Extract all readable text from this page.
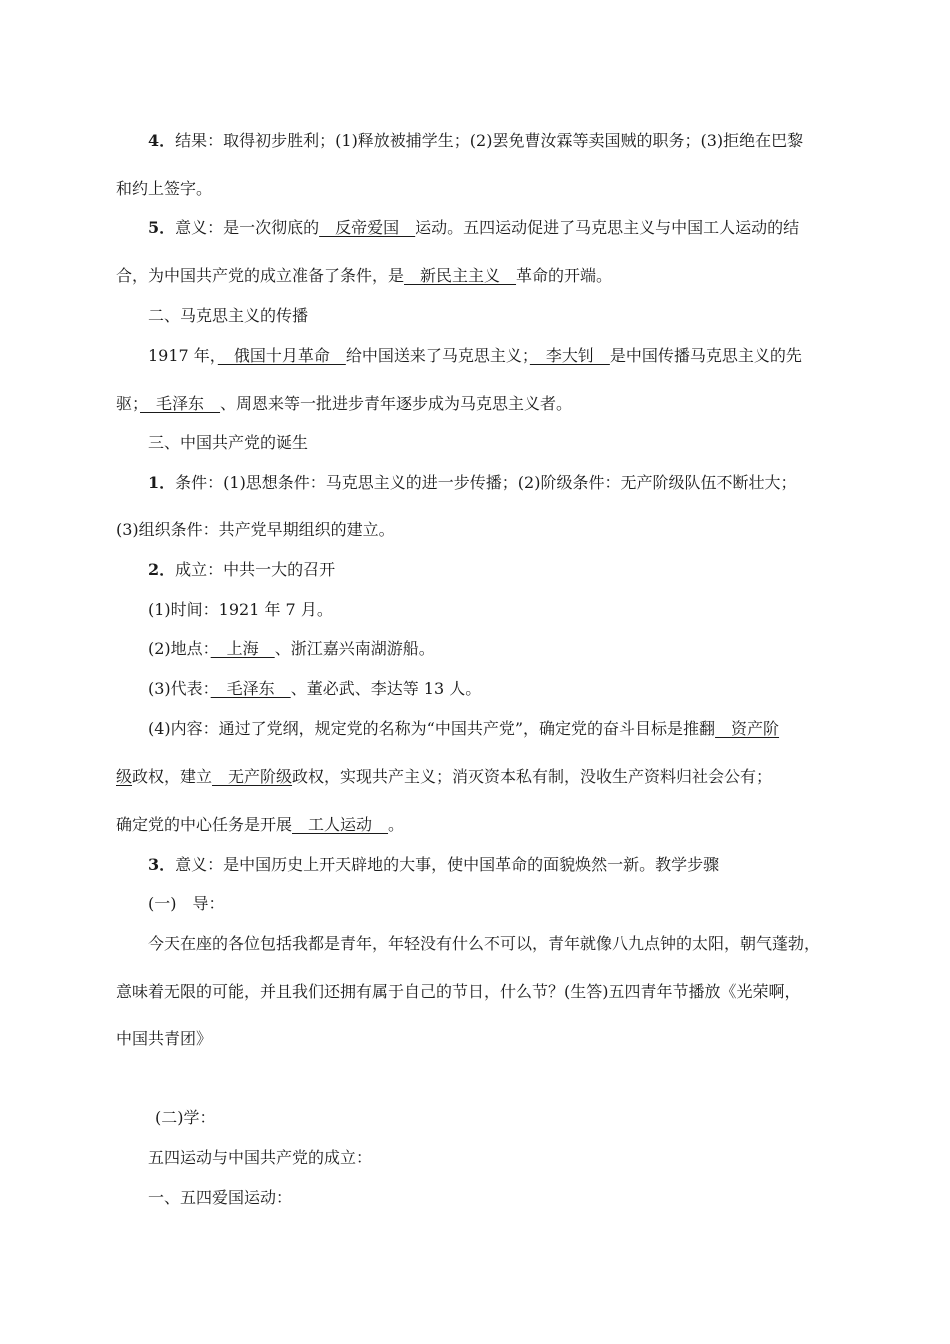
4．结果：取得初步胜利；(1)释放被捕学生；(2)罢免曹汝霖等卖国贼的职务；(3)拒绝在巴黎
和约上签字。
5．意义：是一次彻底的　反帝爱国　运动。五四运动促进了马克思主义与中国工人运动的结
合，为中国共产党的成立准备了条件，是　新民主主义　革命的开端。
二、马克思主义的传播
1917 年，　俄国十月革命　给中国送来了马克思主义；　李大钊　是中国传播马克思主义的先
驱；　毛泽东　、周恩来等一批进步青年逐步成为马克思主义者。
三、中国共产党的诞生
1．条件：(1)思想条件：马克思主义的进一步传播；(2)阶级条件：无产阶级队伍不断壮大；
(3)组织条件：共产党早期组织的建立。
2．成立：中共一大的召开
(1)时间：1921 年 7 月。
(2)地点：　上海　、浙江嘉兴南湖游船。
(3)代表：　毛泽东　、董必武、李达等 13 人。
(4)内容：通过了党纲，规定党的名称为“中国共产党”，确定党的奋斗目标是推翻　资产阶
级政权，建立　无产阶级政权，实现共产主义；消灭资本私有制，没收生产资料归社会公有；
确定党的中心任务是开展　工人运动　。
3．意义：是中国历史上开天辟地的大事，使中国革命的面貌焕然一新。教学步骤
(一)　导：
今天在座的各位包括我都是青年，年轻没有什么不可以，青年就像八九点钟的太阳，朝气蓬勃，
意味着无限的可能，并且我们还拥有属于自己的节日，什么节？(生答)五四青年节播放《光荣啊，
中国共青团》
(二)学：
五四运动与中国共产党的成立：
一、五四爱国运动：
